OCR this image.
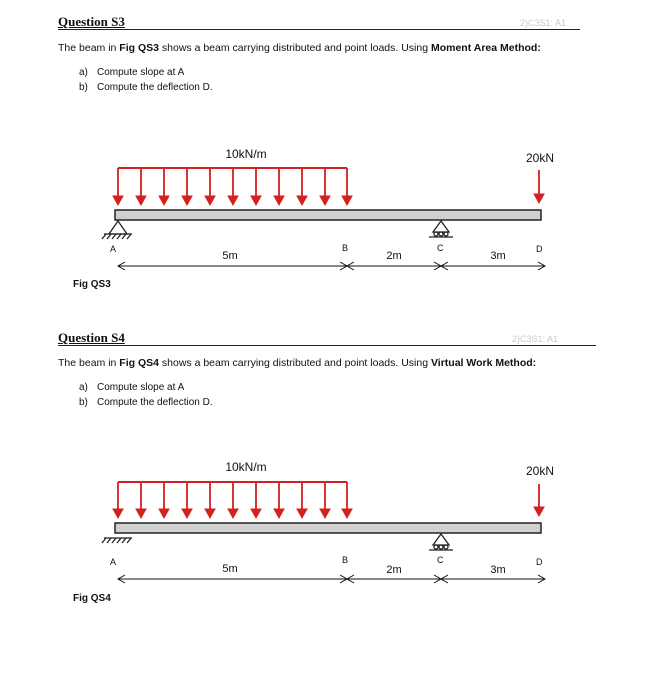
Question S3	2)C3S1: A1
The beam in Fig QS3 shows a beam carrying distributed and point loads. Using Moment Area Method:
a) Compute slope at A
b) Compute the deflection D.
10kN/m	20kN
A	B	C	D
5m	2m	3m
Fig QS3
Question S4	2)C3S1: A1
The beam in Fig QS4 shows a beam carrying distributed and point loads. Using Virtual Work Method:
a) Compute slope at A
b) Compute the deflection D.
10kN/m	20kN
A	B	C	D
5m	2m	3m
Fig QS4
